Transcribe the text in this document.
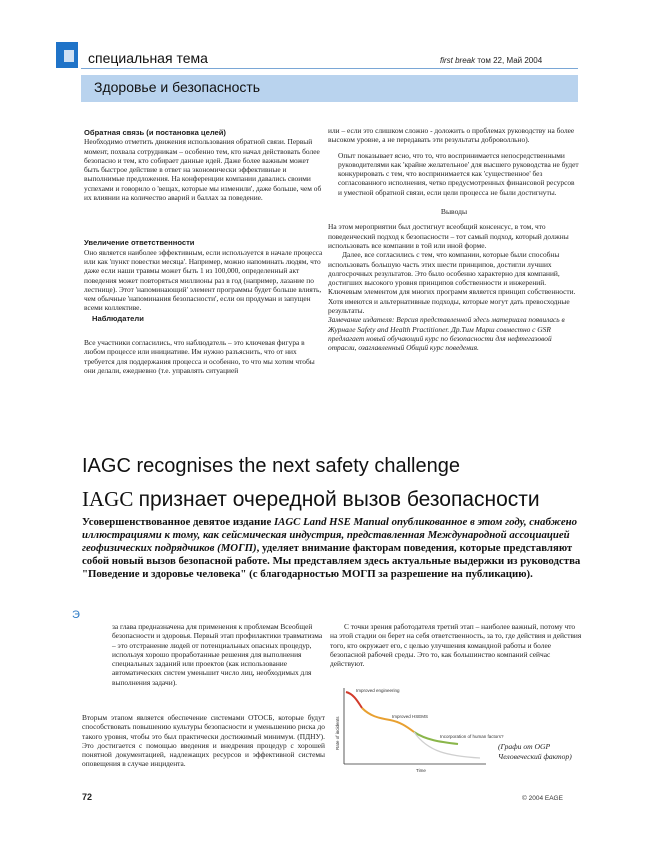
специальная тема	first break том 22, Май 2004
Здоровье и безопасность
Обратная связь (и постановка целей)

Необходимо отметить движения использования обратной связи. Первый момент, похвала сотрудникам – особенно тем, кто начал действовать более безопасно и тем, кто собирает данные идей. Даже более важным может быть быстрое действие в ответ на экономически эффективные и выполнимые предложения. На конференции компании давались своими успехами и говорило о 'вещах, которые мы изменили', даже больше, чем об их влиянии на количество аварий и баллах за поведение.

Увеличение ответственности

Оно является наиболее эффективным, если используется в начале процесса или как 'пункт повестки месяца'. Например, можно напоминать людям, что даже если наши травмы может быть 1 из 100,000, определенный акт поведения может повторяться миллионы раз в год (например, лазание по лестнице). Этот 'напоминающий' элемент программы будет больше влиять, чем обычные 'напоминания безопасности', если он продуман и запущен всеми коллективе.

Наблюдатели

Все участники согласились, что наблюдатель – это ключевая фигура в любом процессе или инициативе. Им нужно разъяснить, что от них требуется для поддержания процесса и особенно, то что мы хотим чтобы они делали, ежедневно (т.е. управлять ситуацией

или – если это слишком сложно - доложить о проблемах руководству на более высоком уровне, а не передавать эти результаты доброволльно).

Опыт показывает ясно, что то, что воспринимается непосредственными руководителями как 'крайне желательное' для высшего руководства не будет конкурировать с тем, что воспринимается как 'существенное' без согласованного исполнения, четко предусмотренных финансовой ресурсов и умеcтной обратной связи, если цели процесса не были достигнуты.

Выводы

На этом мероприятии был достигнут всеобщий консенсус, в том, что поведенческий подход к безопасности – тот самый подход, который должны использовать все компании в той или иной форме.

Далее, все согласились с тем, что компании, которые были способны использовать большую часть этих шести принципов, достигли лучших долгосрочных результатов. Это было особенно характерно для компаний, достигших высокого уровня принципов собственности и инжерений. Ключевым элементом для многих программ является принцип собственности. Хотя имеются и альтернативные подходы, которые могут дать превосходные результаты.

Замечание издателя: Версия представленной здесь материала появилась в Журнале Safety and Health Practitioner. Др.Тим Марш совместно с GSR предлагает новый обучающий курс по безопасности для нефтегазовой отрасли, озаглавленный Общий курс поведения.

IAGC recognises the next safety challenge
IAGC признает очередной вызов безопасности
Усовершенствованное девятое издание IAGC Land HSE Manual опубликованное в этом году, снабжено иллюстрациями к тому, как сейсмическая индустрия, представленная Международной ассоциацией геофизических подрядчиков (МОГП), уделяет внимание факторам поведения, которые представляют собой новый вызов безопасной работе. Мы представляем здесь актуальные выдержки из руководства "Поведение и здоровье человека" (с благодарностью МОГП за разрешение на публикацию).
Э

за глава предназначена для применения к проблемам Всеобщей безопасности и здоровья. Первый этап профилактики травматизма – это отстранение людей от потенциальных опасных процедур, используя хорошо проработанные решения для выполнения специальных заданий или проектов (как использование автоматических систем уменьшит число лиц, необходимых для выполнения задачи).

Вторым этапом является обеспечение системами ОТОСБ, которые будут способствовать повышению культуры безопасности и уменьшению риска до такого уровня, чтобы это был практически достижимый минимум. (ПДНУ). Это достигается с помощью введения и внедрения процедур с хорошей понятной документацией, надлежащих ресурсов и эффективной системы оповещения в случае инцидента.

С точки зрения работодателя третий этап – наиболее важный, потому что на этой стадии он берет на себя ответственность, за то, где действия и действия того, кто окружает его, с целью улучшения командной работы и более безопасной рабочей среды. Это то, как большинство компаний сейчас действуют.

Improved engineering
Improved HSEMS
Incorporation of human factors?
Rate of incidents
Time
(Графи от OGP Человеческий фактор)
72	© 2004 EAGE
